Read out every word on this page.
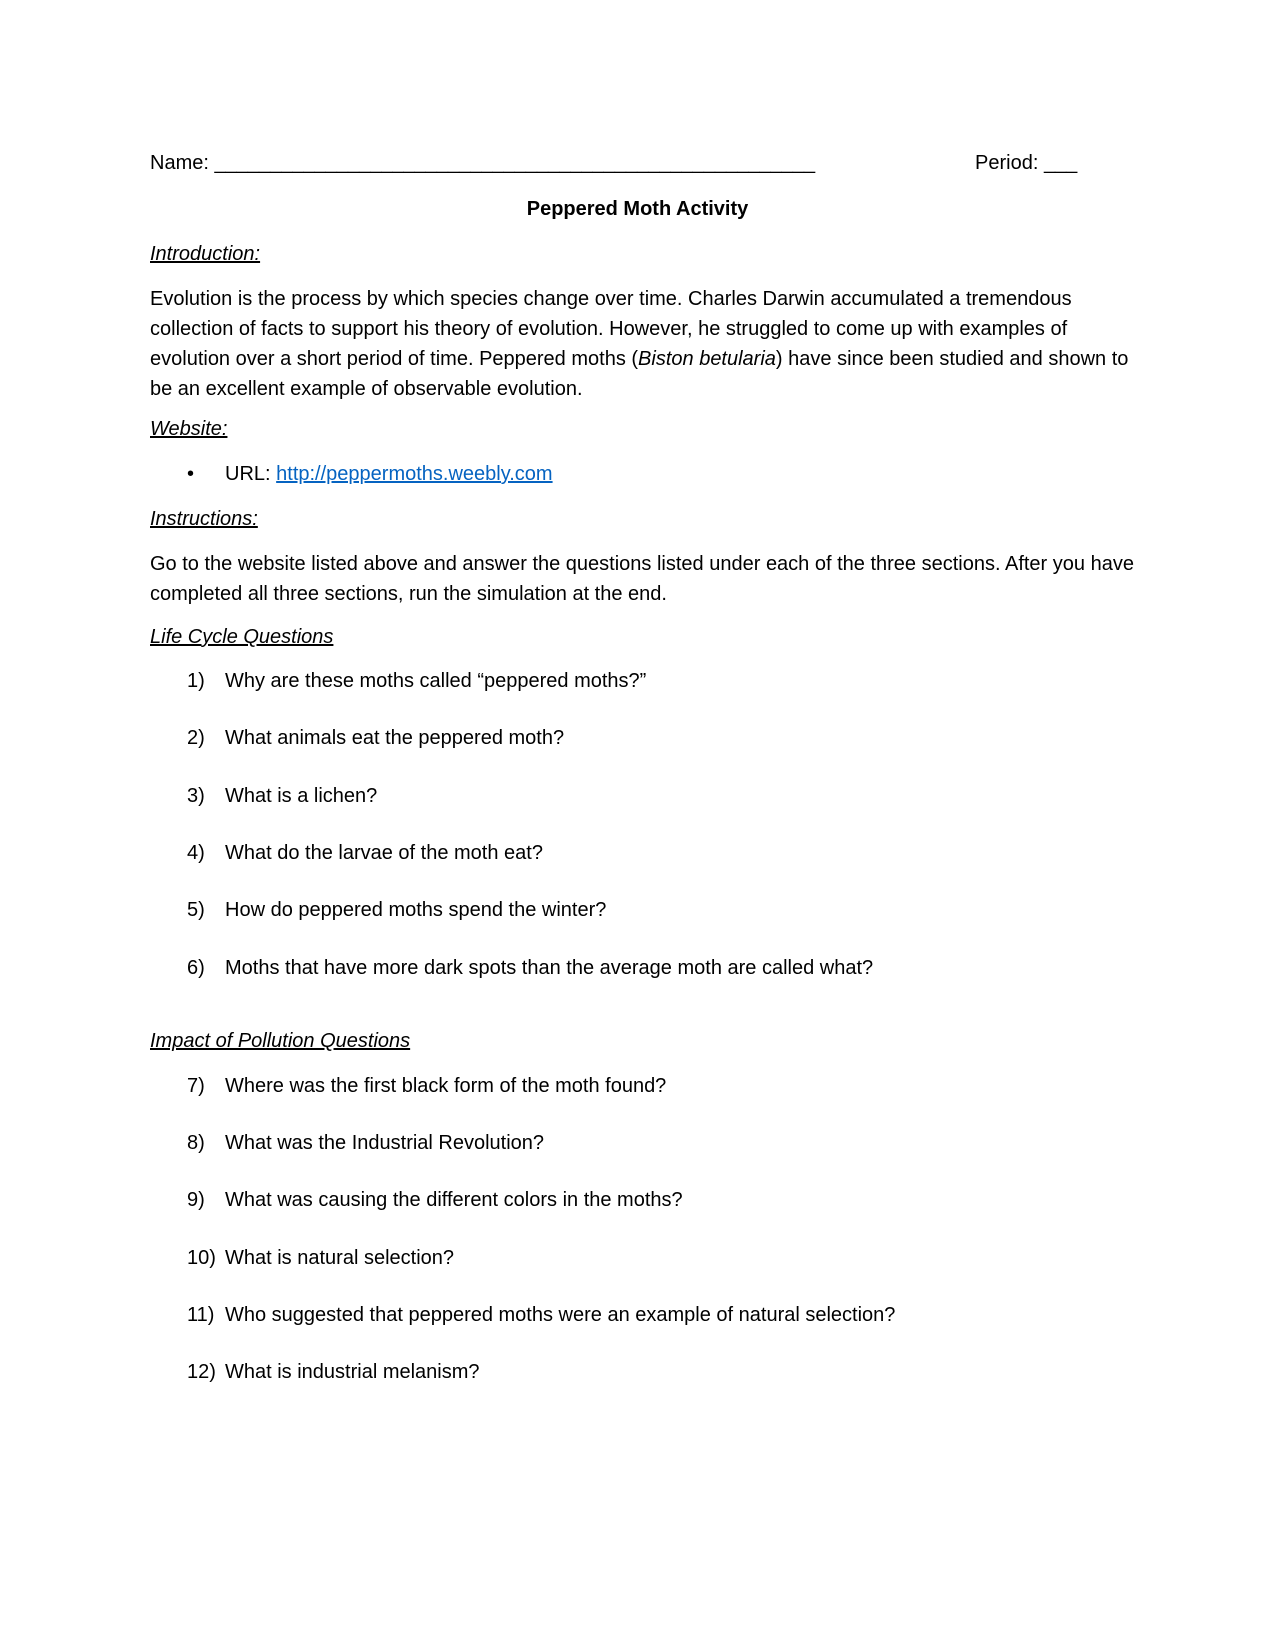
Name: ______________________________________________________	Period: ___
Peppered Moth Activity
Introduction:
Evolution is the process by which species change over time. Charles Darwin accumulated a tremendous collection of facts to support his theory of evolution. However, he struggled to come up with examples of evolution over a short period of time. Peppered moths (Biston betularia) have since been studied and shown to be an excellent example of observable evolution.
Website:
• URL: http://peppermoths.weebly.com
Instructions:
Go to the website listed above and answer the questions listed under each of the three sections. After you have completed all three sections, run the simulation at the end.
Life Cycle Questions
1) Why are these moths called “peppered moths?”
2) What animals eat the peppered moth?
3) What is a lichen?
4) What do the larvae of the moth eat?
5) How do peppered moths spend the winter?
6) Moths that have more dark spots than the average moth are called what?
Impact of Pollution Questions
7) Where was the first black form of the moth found?
8) What was the Industrial Revolution?
9) What was causing the different colors in the moths?
10) What is natural selection?
11) Who suggested that peppered moths were an example of natural selection?
12) What is industrial melanism?
